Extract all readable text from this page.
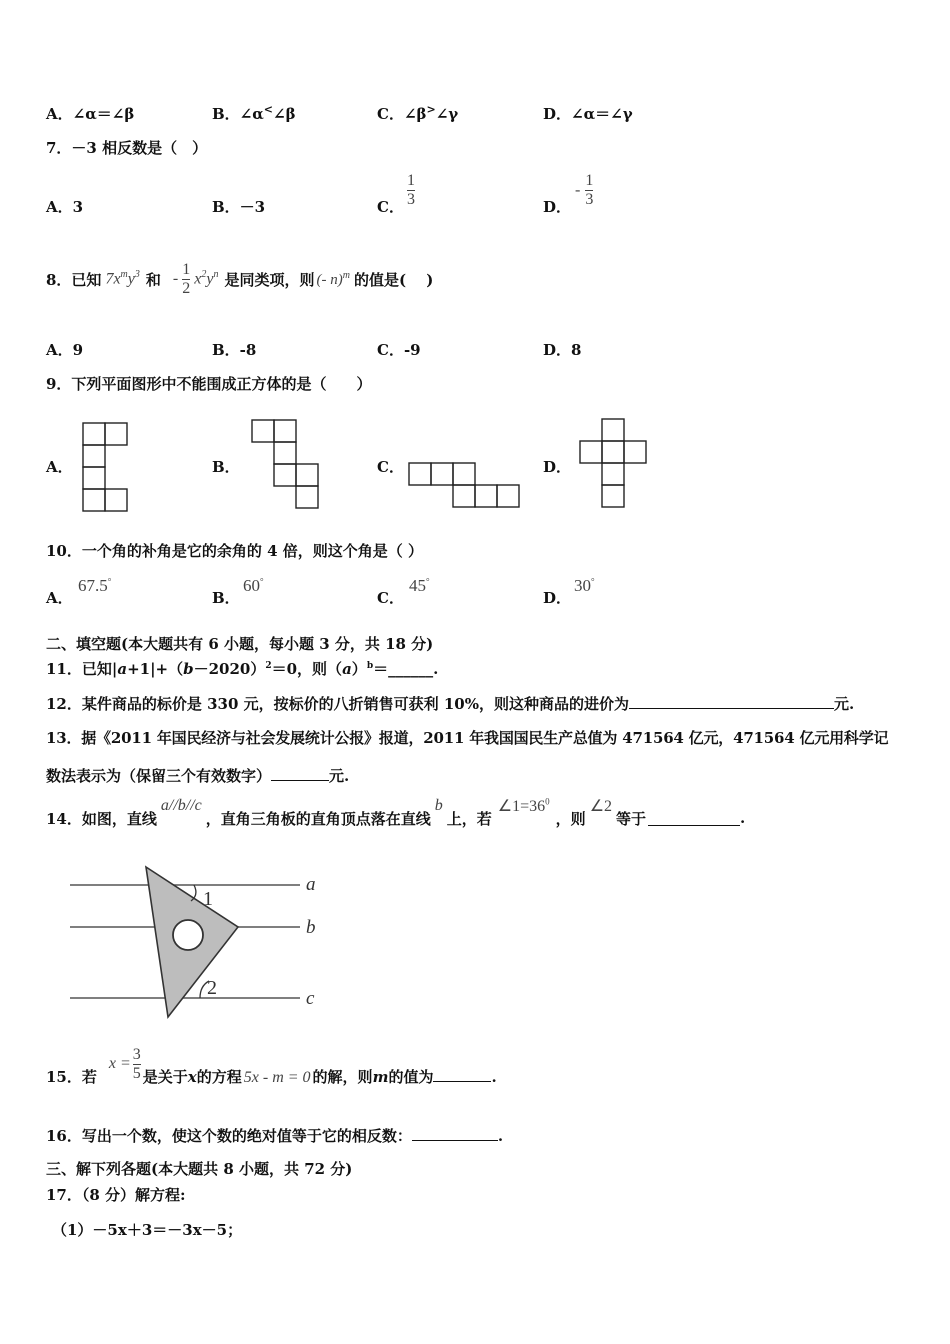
A．∠α＝∠β	B．∠α<∠β	C．∠β>∠γ	D．∠α＝∠γ
7．－3 相反数是（　）
A．3	B．－3	C． $\frac{1}{3}$	D．
- $\frac{1}{3}$
8．已知 $7x^my^3$ 和 - $\frac{1}{2} x^2y^n$ 是同类项，则 (- n)$^m$ 的值是(　 )
A．9	B．-8	C．-9	D．8
9．下列平面图形中不能围成正方体的是（　　）
A．	B．	C．	D．
10．一个角的补角是它的余角的 4 倍，则这个角是（ ）
A．
67.5°
B．
60°
C．
45°
D．
30°
二、填空题(本大题共有 6 小题，每小题 3 分，共 18 分)
11．已知$|a+1|+(b-2020)^2=0$，则$(a)^b=\_\_\_\_\_\_$.
12．某件商品的标价是 330 元，按标价的八折销售可获利 10%，则这种商品的进价为	元.
13．据《2011 年国民经济与社会发展统计公报》报道，2011 年我国国民生产总值为 471564 亿元，471564 亿元用科学记
数法表示为（保留三个有效数字）	元.
14．如图，直线
a//b//c
，直角三角板的直角顶点落在直线
b
上，若
$\angle 1=36^0$
，则
∠2
等于	.
1
2
a
b
c
15．若
$x = \frac{3}{5}$ 是关于x的方程 5x - m = 0 的解，则m的值为	.
16．写出一个数，使这个数的绝对值等于它的相反数：	.
三、解下列各题(本大题共 8 小题，共 72 分)
17．（8 分）解方程:
（1）－5x＋3＝－3x－5；
